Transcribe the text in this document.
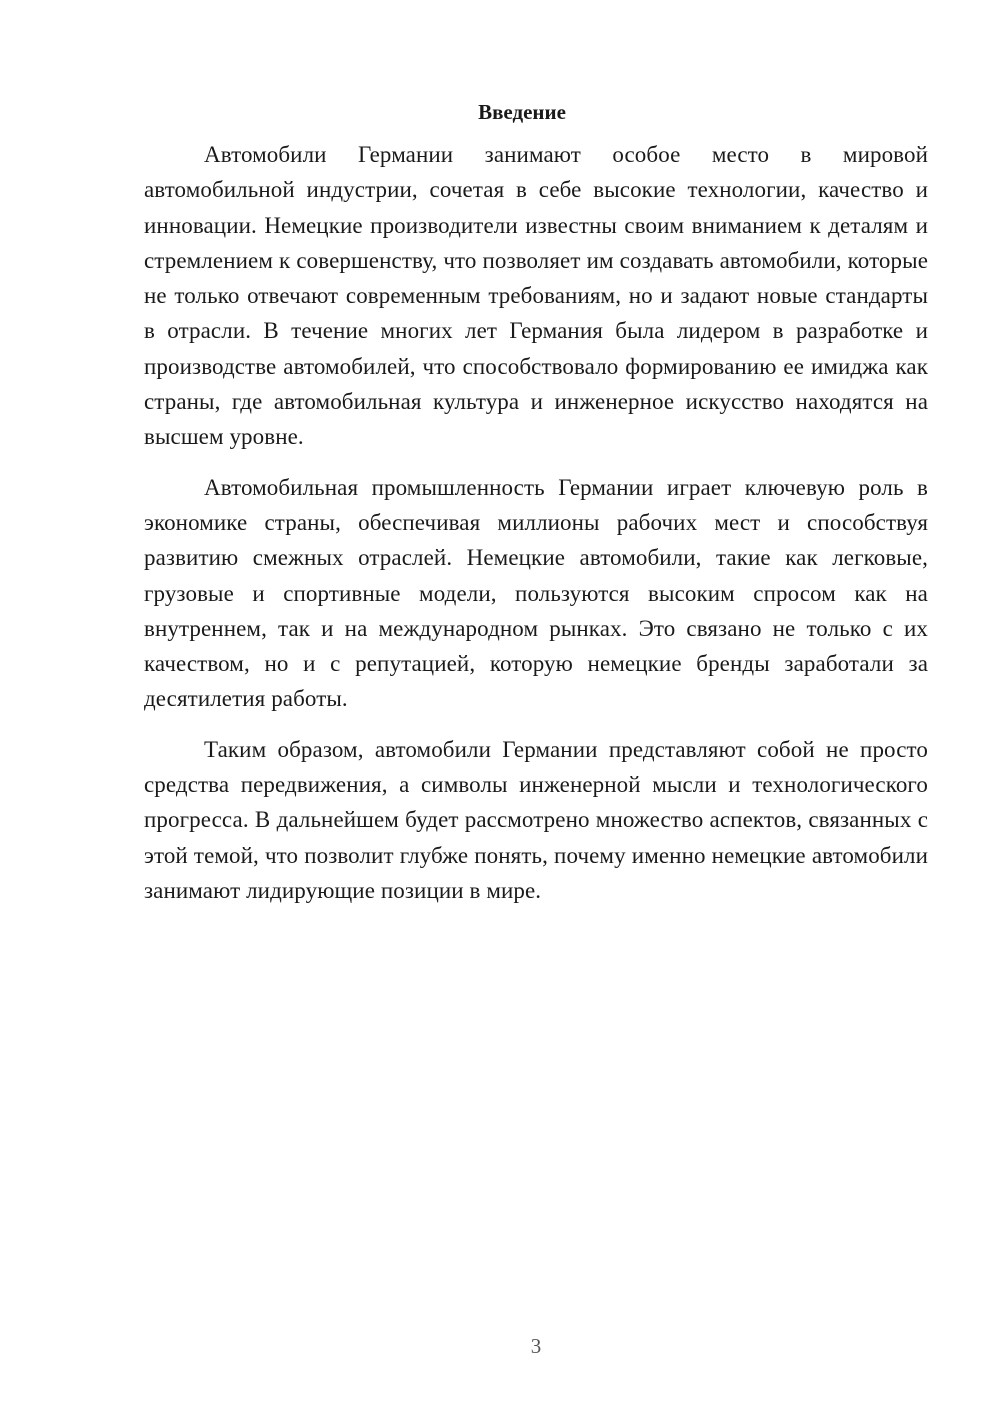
Введение

Автомобили Германии занимают особое место в мировой автомобильной индустрии, сочетая в себе высокие технологии, качество и инновации. Немецкие производители известны своим вниманием к деталям и стремлением к совершенству, что позволяет им создавать автомобили, которые не только отвечают современным требованиям, но и задают новые стандарты в отрасли. В течение многих лет Германия была лидером в разработке и производстве автомобилей, что способствовало формированию ее имиджа как страны, где автомобильная культура и инженерное искусство находятся на высшем уровне.

Автомобильная промышленность Германии играет ключевую роль в экономике страны, обеспечивая миллионы рабочих мест и способствуя развитию смежных отраслей. Немецкие автомобили, такие как легковые, грузовые и спортивные модели, пользуются высоким спросом как на внутреннем, так и на международном рынках. Это связано не только с их качеством, но и с репутацией, которую немецкие бренды заработали за десятилетия работы.

Таким образом, автомобили Германии представляют собой не просто средства передвижения, а символы инженерной мысли и технологического прогресса. В дальнейшем будет рассмотрено множество аспектов, связанных с этой темой, что позволит глубже понять, почему именно немецкие автомобили занимают лидирующие позиции в мире.

3
